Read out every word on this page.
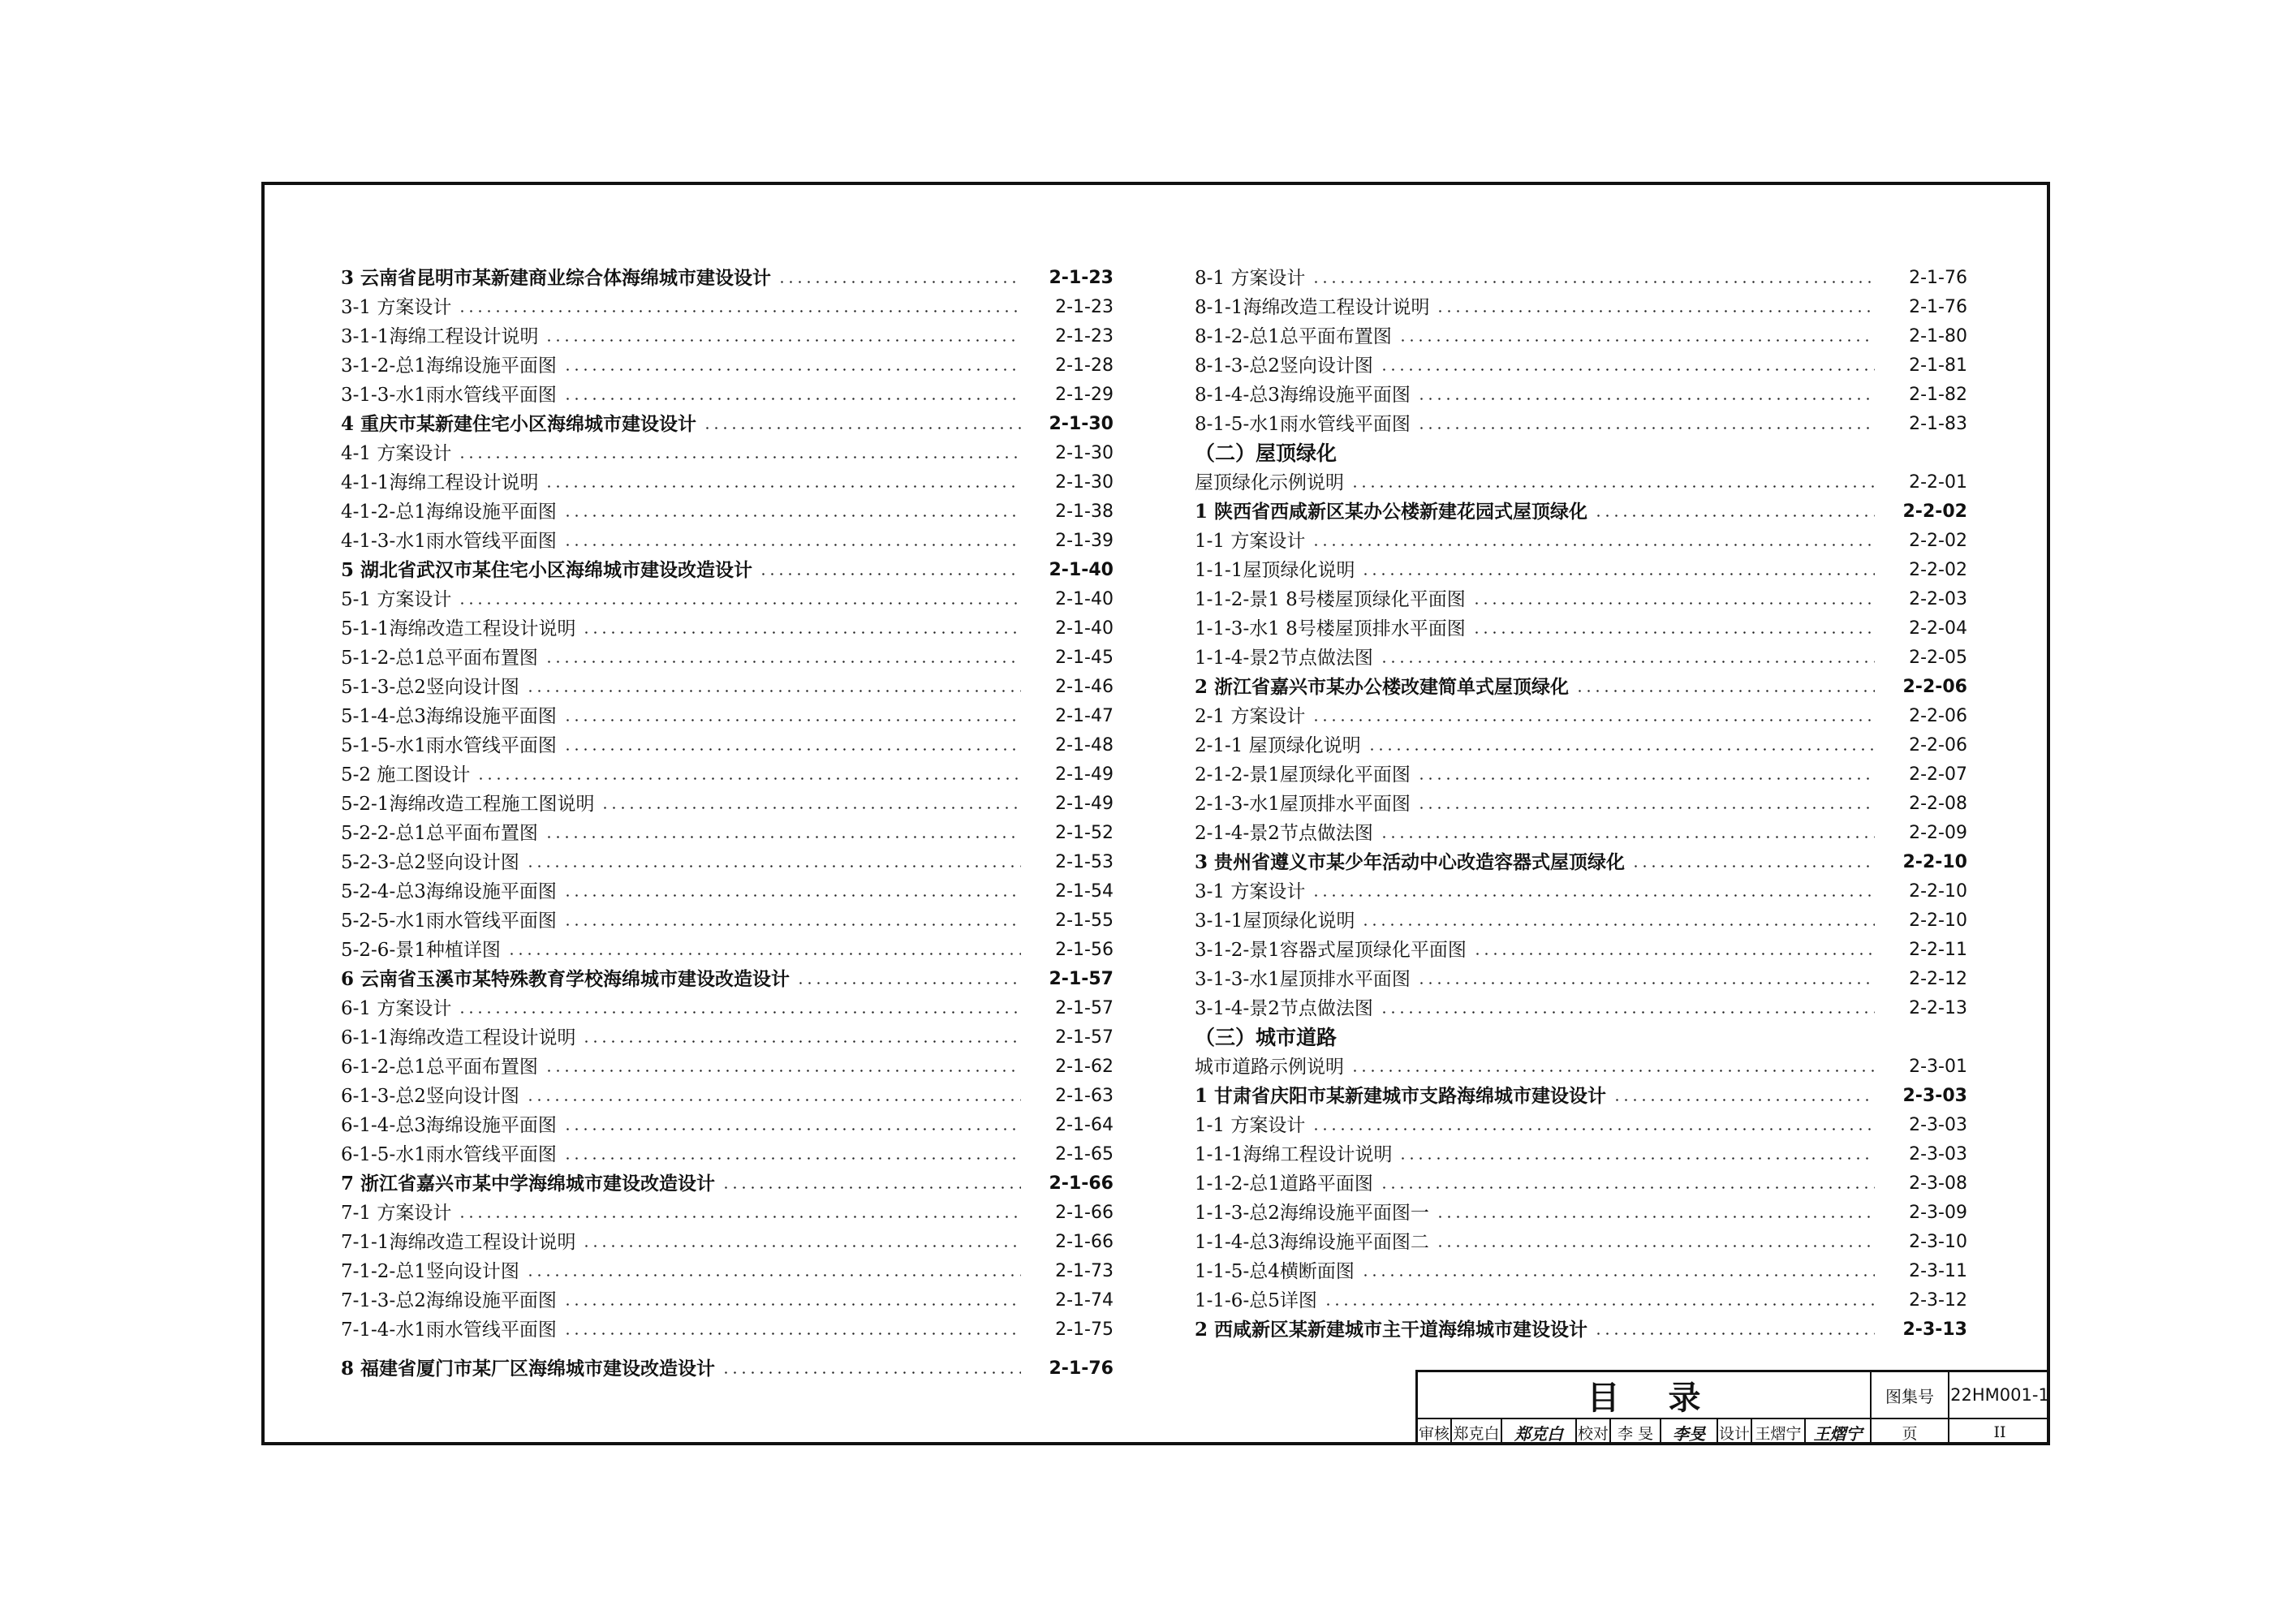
3 云南省昆明市某新建商业综合体海绵城市建设设计	2-1-23
3-1 方案设计	2-1-23
3-1-1海绵工程设计说明	2-1-23
3-1-2-总1海绵设施平面图	2-1-28
3-1-3-水1雨水管线平面图	2-1-29
4 重庆市某新建住宅小区海绵城市建设设计	2-1-30
4-1 方案设计	2-1-30
4-1-1海绵工程设计说明	2-1-30
4-1-2-总1海绵设施平面图	2-1-38
4-1-3-水1雨水管线平面图	2-1-39
5 湖北省武汉市某住宅小区海绵城市建设改造设计	2-1-40
5-1 方案设计	2-1-40
5-1-1海绵改造工程设计说明	2-1-40
5-1-2-总1总平面布置图	2-1-45
5-1-3-总2竖向设计图	2-1-46
5-1-4-总3海绵设施平面图	2-1-47
5-1-5-水1雨水管线平面图	2-1-48
5-2 施工图设计	2-1-49
5-2-1海绵改造工程施工图说明	2-1-49
5-2-2-总1总平面布置图	2-1-52
5-2-3-总2竖向设计图	2-1-53
5-2-4-总3海绵设施平面图	2-1-54
5-2-5-水1雨水管线平面图	2-1-55
5-2-6-景1种植详图	2-1-56
6 云南省玉溪市某特殊教育学校海绵城市建设改造设计	2-1-57
6-1 方案设计	2-1-57
6-1-1海绵改造工程设计说明	2-1-57
6-1-2-总1总平面布置图	2-1-62
6-1-3-总2竖向设计图	2-1-63
6-1-4-总3海绵设施平面图	2-1-64
6-1-5-水1雨水管线平面图	2-1-65
7 浙江省嘉兴市某中学海绵城市建设改造设计	2-1-66
7-1 方案设计	2-1-66
7-1-1海绵改造工程设计说明	2-1-66
7-1-2-总1竖向设计图	2-1-73
7-1-3-总2海绵设施平面图	2-1-74
7-1-4-水1雨水管线平面图	2-1-75
8 福建省厦门市某厂区海绵城市建设改造设计	2-1-76
8-1 方案设计	2-1-76
8-1-1海绵改造工程设计说明	2-1-76
8-1-2-总1总平面布置图	2-1-80
8-1-3-总2竖向设计图	2-1-81
8-1-4-总3海绵设施平面图	2-1-82
8-1-5-水1雨水管线平面图	2-1-83
（二）屋顶绿化
屋顶绿化示例说明	2-2-01
1 陕西省西咸新区某办公楼新建花园式屋顶绿化	2-2-02
1-1 方案设计	2-2-02
1-1-1屋顶绿化说明	2-2-02
1-1-2-景1 8号楼屋顶绿化平面图	2-2-03
1-1-3-水1 8号楼屋顶排水平面图	2-2-04
1-1-4-景2节点做法图	2-2-05
2 浙江省嘉兴市某办公楼改建简单式屋顶绿化	2-2-06
2-1 方案设计	2-2-06
2-1-1 屋顶绿化说明	2-2-06
2-1-2-景1屋顶绿化平面图	2-2-07
2-1-3-水1屋顶排水平面图	2-2-08
2-1-4-景2节点做法图	2-2-09
3 贵州省遵义市某少年活动中心改造容器式屋顶绿化	2-2-10
3-1 方案设计	2-2-10
3-1-1屋顶绿化说明	2-2-10
3-1-2-景1容器式屋顶绿化平面图	2-2-11
3-1-3-水1屋顶排水平面图	2-2-12
3-1-4-景2节点做法图	2-2-13
（三）城市道路
城市道路示例说明	2-3-01
1 甘肃省庆阳市某新建城市支路海绵城市建设设计	2-3-03
1-1 方案设计	2-3-03
1-1-1海绵工程设计说明	2-3-03
1-1-2-总1道路平面图	2-3-08
1-1-3-总2海绵设施平面图一	2-3-09
1-1-4-总3海绵设施平面图二	2-3-10
1-1-5-总4横断面图	2-3-11
1-1-6-总5详图	2-3-12
2 西咸新区某新建城市主干道海绵城市建设设计	2-3-13
目录	图集号 22HM001-1
审核 郑克白 郑克白 校对 李 旻	李旻 设计 王熠宁 王熠宁	页	II
